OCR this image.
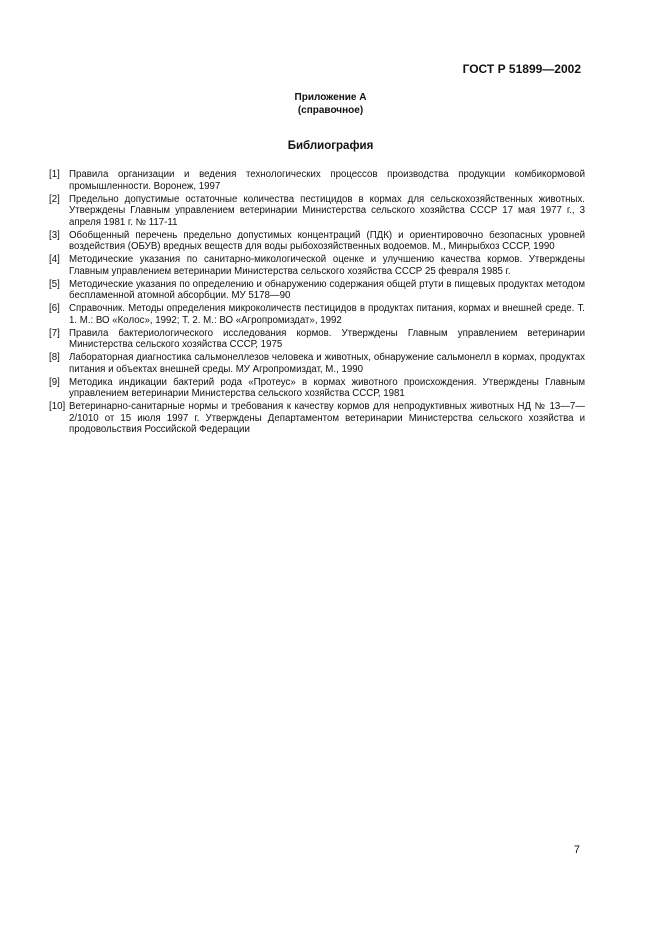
ГОСТ Р 51899—2002
Приложение А
(справочное)
Библиография
[1] Правила организации и ведения технологических процессов производства продукции комбикормовой промышленности. Воронеж, 1997
[2] Предельно допустимые остаточные количества пестицидов в кормах для сельскохозяйственных животных. Утверждены Главным управлением ветеринарии Министерства сельского хозяйства СССР 17 мая 1977 г., 3 апреля 1981 г. № 117-11
[3] Обобщенный перечень предельно допустимых концентраций (ПДК) и ориентировочно безопасных уровней воздействия (ОБУВ) вредных веществ для воды рыбохозяйственных водоемов. М., Минрыбхоз СССР, 1990
[4] Методические указания по санитарно-микологической оценке и улучшению качества кормов. Утверждены Главным управлением ветеринарии Министерства сельского хозяйства СССР 25 февраля 1985 г.
[5] Методические указания по определению и обнаружению содержания общей ртути в пищевых продуктах методом беспламенной атомной абсорбции. МУ 5178—90
[6] Справочник. Методы определения микроколичеств пестицидов в продуктах питания, кормах и внешней среде. Т. 1. М.: ВО «Колос», 1992; Т. 2. М.: ВО «Агропромиздат», 1992
[7] Правила бактериологического исследования кормов. Утверждены Главным управлением ветеринарии Министерства сельского хозяйства СССР, 1975
[8] Лабораторная диагностика сальмонеллезов человека и животных, обнаружение сальмонелл в кормах, продуктах питания и объектах внешней среды. МУ Агропромиздат, М., 1990
[9] Методика индикации бактерий рода «Протеус» в кормах животного происхождения. Утверждены Главным управлением ветеринарии Министерства сельского хозяйства СССР, 1981
[10] Ветеринарно-санитарные нормы и требования к качеству кормов для непродуктивных животных НД № 13—7—2/1010 от 15 июля 1997 г. Утверждены Департаментом ветеринарии Министерства сельского хозяйства и продовольствия Российской Федерации
7
